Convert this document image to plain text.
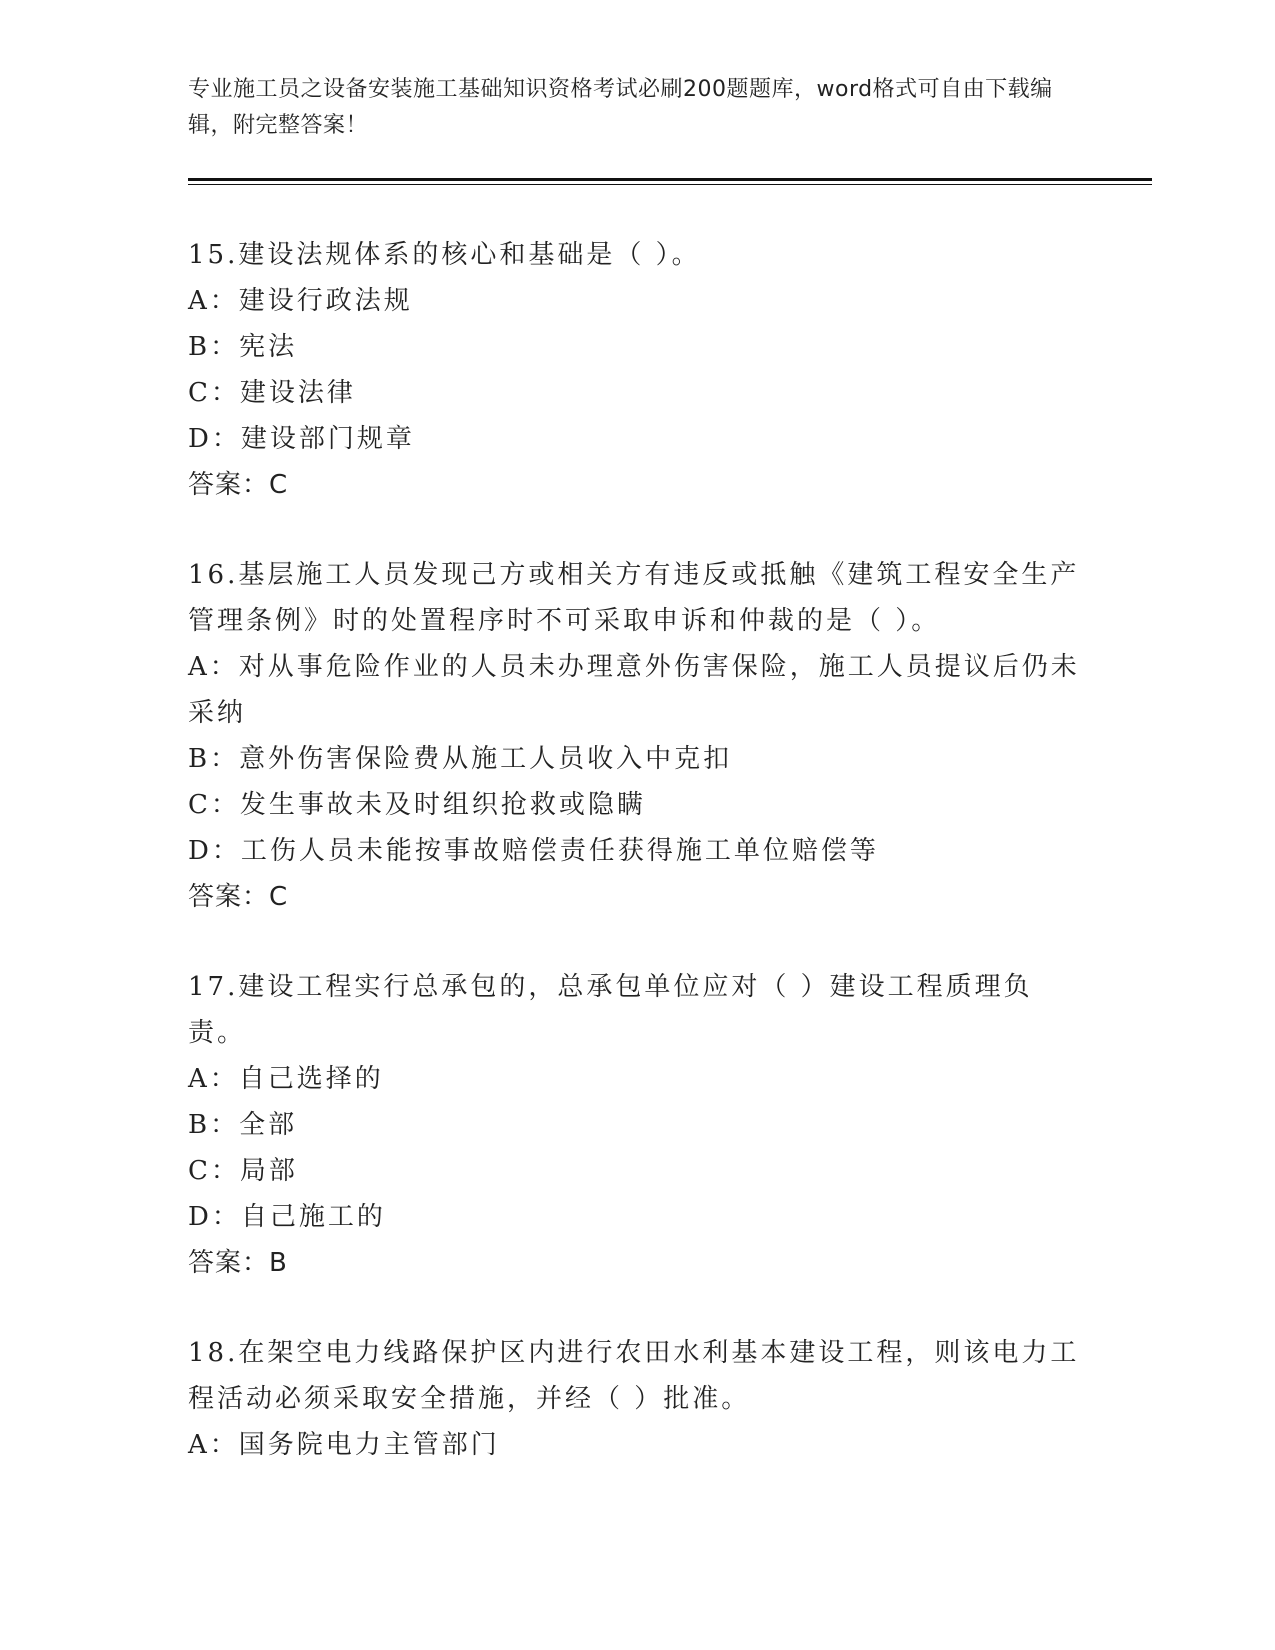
专业施工员之设备安装施工基础知识资格考试必刷200题题库，word格式可自由下载编辑，附完整答案！

15.建设法规体系的核心和基础是（ ）。

A：建设行政法规

B：宪法

C：建设法律

D：建设部门规章

答案：C

16.基层施工人员发现己方或相关方有违反或抵触《建筑工程安全生产管理条例》时的处置程序时不可采取申诉和仲裁的是（ ）。

A：对从事危险作业的人员未办理意外伤害保险，施工人员提议后仍未采纳

B：意外伤害保险费从施工人员收入中克扣

C：发生事故未及时组织抢救或隐瞒

D：工伤人员未能按事故赔偿责任获得施工单位赔偿等

答案：C

17.建设工程实行总承包的，总承包单位应对（ ）建设工程质理负责。

A：自己选择的

B：全部

C：局部

D：自己施工的

答案：B

18.在架空电力线路保护区内进行农田水利基本建设工程，则该电力工程活动必须采取安全措施，并经（ ）批准。

A：国务院电力主管部门
